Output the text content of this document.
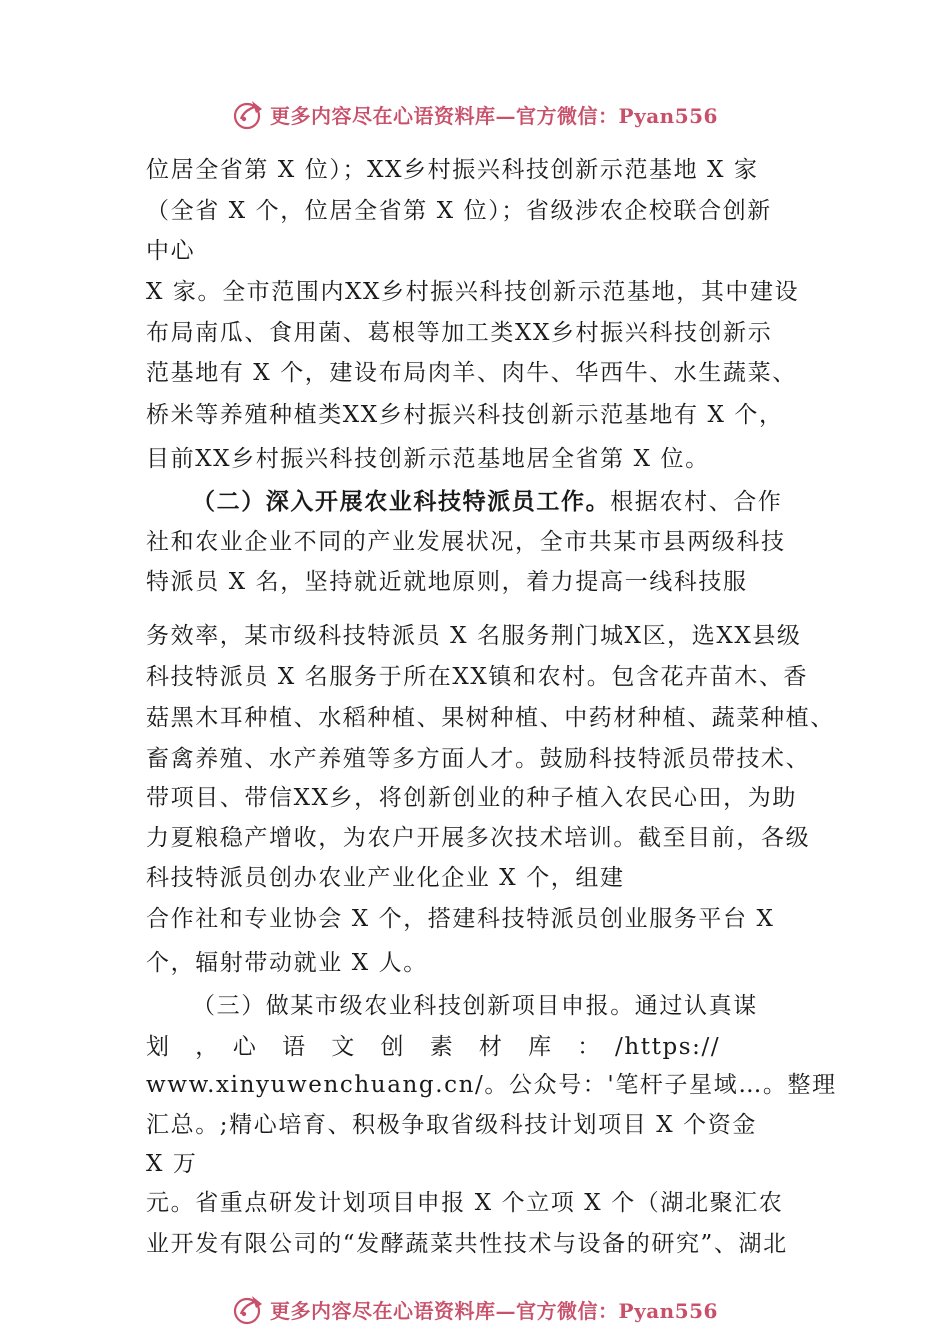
更多内容尽在心语资料库—官方微信：Pyan556
位居全省第 X 位）；XX乡村振兴科技创新示范基地 X 家
（全省 X 个，位居全省第 X 位）；省级涉农企校联合创新
中心
X 家。全市范围内XX乡村振兴科技创新示范基地，其中建设
布局南瓜、食用菌、葛根等加工类XX乡村振兴科技创新示
范基地有 X 个，建设布局肉羊、肉牛、华西牛、水生蔬菜、
桥米等养殖种植类XX乡村振兴科技创新示范基地有 X 个，
目前XX乡村振兴科技创新示范基地居全省第 X 位。
（二）深入开展农业科技特派员工作。根据农村、合作
社和农业企业不同的产业发展状况，全市共某市县两级科技
特派员 X 名，坚持就近就地原则，着力提高一线科技服
务效率，某市级科技特派员 X 名服务荆门城X区，选XX县级
科技特派员 X 名服务于所在XX镇和农村。包含花卉苗木、香
菇黑木耳种植、水稻种植、果树种植、中药材种植、蔬菜种植、
畜禽养殖、水产养殖等多方面人才。鼓励科技特派员带技术、
带项目、带信XX乡，将创新创业的种子植入农民心田，为助
力夏粮稳产增收，为农户开展多次技术培训。截至目前，各级
科技特派员创办农业产业化企业 X 个，组建
合作社和专业协会 X 个，搭建科技特派员创业服务平台 X
个，辐射带动就业 X 人。
（三）做某市级农业科技创新项目申报。通过认真谋
划　，　心　语　文　创　素　材　库　：　/https://
www.xinyuwenchuang.cn/。公众号：'笔杆子星域…。整理
汇总。;精心培育、积极争取省级科技计划项目 X 个资金
X 万
元。省重点研发计划项目申报 X 个立项 X 个（湖北聚汇农
业开发有限公司的“发酵蔬菜共性技术与设备的研究”、湖北
更多内容尽在心语资料库—官方微信：Pyan556
